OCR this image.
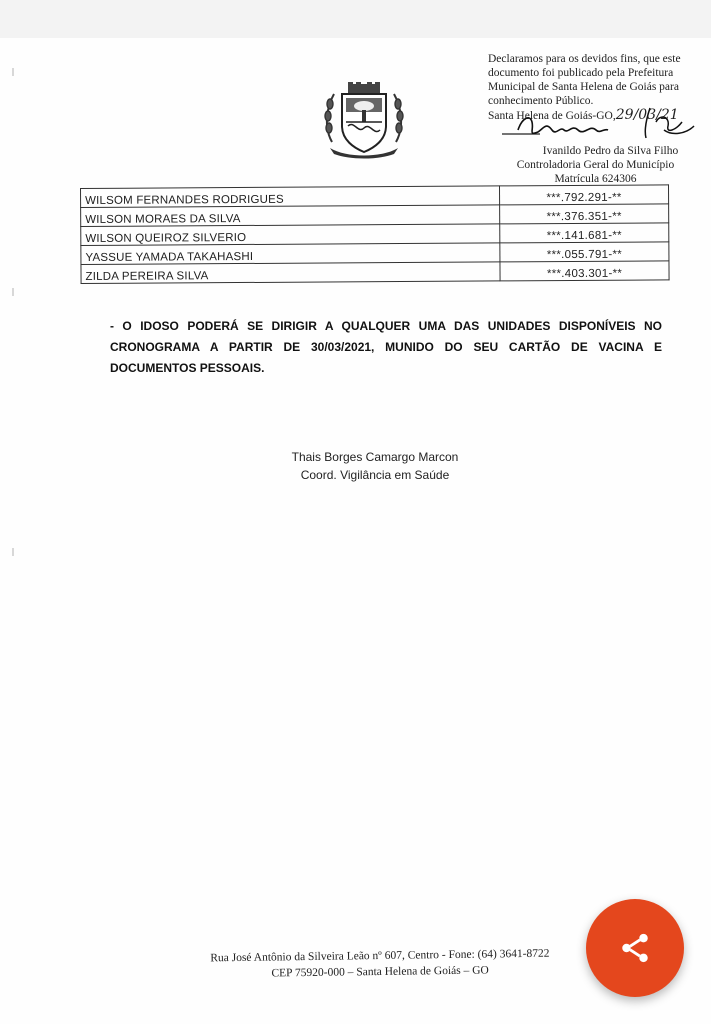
Declaramos para os devidos fins, que este
documento foi publicado pela Prefeitura
Municipal de Santa Helena de Goiás para
conhecimento Público.
Santa Helena de Goiás-GO,29/03/21
Ivanildo Pedro da Silva Filho
Controladoria Geral do Município
Matrícula 624306
WILSOM FERNANDES RODRIGUES	***.792.291-**
WILSON MORAES DA SILVA	***.376.351-**
WILSON QUEIROZ SILVERIO	***.141.681-**
YASSUE YAMADA TAKAHASHI	***.055.791-**
ZILDA PEREIRA SILVA	***.403.301-**
- O IDOSO PODERÁ SE DIRIGIR A QUALQUER UMA DAS UNIDADES DISPONÍVEIS NO CRONOGRAMA A PARTIR DE 30/03/2021, MUNIDO DO SEU CARTÃO DE VACINA E DOCUMENTOS PESSOAIS.
Thais Borges Camargo Marcon
Coord. Vigilância em Saúde
Rua José Antônio da Silveira Leão nº 607, Centro - Fone: (64) 3641-8722
CEP 75920-000 – Santa Helena de Goiás – GO
